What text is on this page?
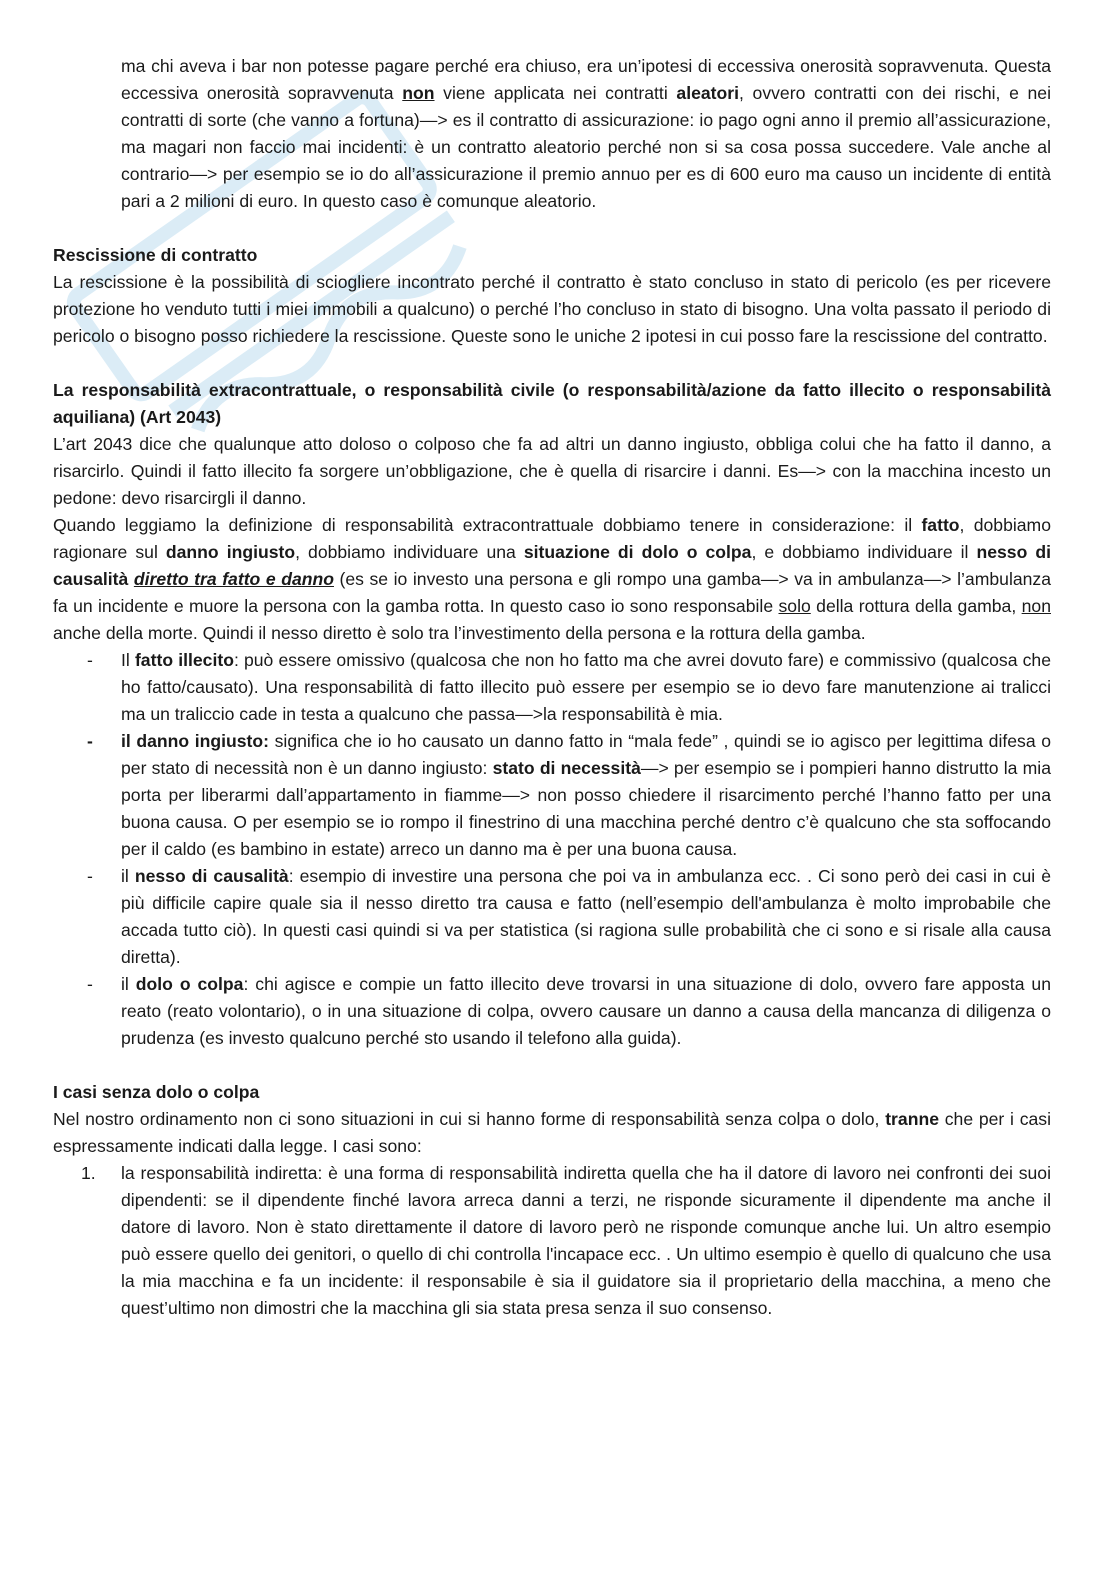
ma chi aveva i bar non potesse pagare perché era chiuso, era un’ipotesi di eccessiva onerosità sopravvenuta. Questa eccessiva onerosità sopravvenuta non viene applicata nei contratti aleatori, ovvero contratti con dei rischi, e nei contratti di sorte (che vanno a fortuna)—> es il contratto di assicurazione: io pago ogni anno il premio all’assicurazione, ma magari non faccio mai incidenti: è un contratto aleatorio perché non si sa cosa possa succedere. Vale anche al contrario—> per esempio se io do all’assicurazione il premio annuo per es di 600 euro ma causo un incidente di entità pari a 2 milioni di euro. In questo caso è comunque aleatorio.

Rescissione di contratto

La rescissione è la possibilità di sciogliere incontrato perché il contratto è stato concluso in stato di pericolo (es per ricevere protezione ho venduto tutti i miei immobili a qualcuno) o perché l’ho concluso in stato di bisogno. Una volta passato il periodo di pericolo o bisogno posso richiedere la rescissione. Queste sono le uniche 2 ipotesi in cui posso fare la rescissione del contratto.

La responsabilità extracontrattuale, o responsabilità civile (o responsabilità/azione da fatto illecito o responsabilità aquiliana) (Art 2043)

L’art 2043 dice che qualunque atto doloso o colposo che fa ad altri un danno ingiusto, obbliga colui che ha fatto il danno, a risarcirlo. Quindi il fatto illecito fa sorgere un’obbligazione, che è quella di risarcire i danni. Es—> con la macchina incesto un pedone: devo risarcirgli il danno.

Quando leggiamo la definizione di responsabilità extracontrattuale dobbiamo tenere in considerazione: il fatto, dobbiamo ragionare sul danno ingiusto, dobbiamo individuare una situazione di dolo o colpa, e dobbiamo individuare il nesso di causalità diretto tra fatto e danno (es se io investo una persona e gli rompo una gamba—> va in ambulanza—> l’ambulanza fa un incidente e muore la persona con la gamba rotta. In questo caso io sono responsabile solo della rottura della gamba, non anche della morte. Quindi il nesso diretto è solo tra l’investimento della persona e la rottura della gamba.

-	Il fatto illecito: può essere omissivo (qualcosa che non ho fatto ma che avrei dovuto fare) e commissivo (qualcosa che ho fatto/causato). Una responsabilità di fatto illecito può essere per esempio se io devo fare manutenzione ai tralicci ma un traliccio cade in testa a qualcuno che passa—>la responsabilità è mia.
-	il danno ingiusto: significa che io ho causato un danno fatto in “mala fede” , quindi se io agisco per legittima difesa o per stato di necessità non è un danno ingiusto: stato di necessità—> per esempio se i pompieri hanno distrutto la mia porta per liberarmi dall’appartamento in fiamme—> non posso chiedere il risarcimento perché l’hanno fatto per una buona causa. O per esempio se io rompo il finestrino di una macchina perché dentro c’è qualcuno che sta soffocando per il caldo (es bambino in estate) arreco un danno ma è per una buona causa.
-	il nesso di causalità: esempio di investire una persona che poi va in ambulanza ecc. . Ci sono però dei casi in cui è più difficile capire quale sia il nesso diretto tra causa e fatto (nell’esempio dell'ambulanza è molto improbabile che accada tutto ciò). In questi casi quindi si va per statistica (si ragiona sulle probabilità che ci sono e si risale alla causa diretta).
-	il dolo o colpa: chi agisce e compie un fatto illecito deve trovarsi in una situazione di dolo, ovvero fare apposta un reato (reato volontario), o in una situazione di colpa, ovvero causare un danno a causa della mancanza di diligenza o prudenza (es investo qualcuno perché sto usando il telefono alla guida).
I casi senza dolo o colpa

Nel nostro ordinamento non ci sono situazioni in cui si hanno forme di responsabilità senza colpa o dolo, tranne che per i casi espressamente indicati dalla legge. I casi sono:

1.	la responsabilità indiretta: è una forma di responsabilità indiretta quella che ha il datore di lavoro nei confronti dei suoi dipendenti: se il dipendente finché lavora arreca danni a terzi, ne risponde sicuramente il dipendente ma anche il datore di lavoro. Non è stato direttamente il datore di lavoro però ne risponde comunque anche lui. Un altro esempio può essere quello dei genitori, o quello di chi controlla l'incapace ecc. . Un ultimo esempio è quello di qualcuno che usa la mia macchina e fa un incidente: il responsabile è sia il guidatore sia il proprietario della macchina, a meno che quest’ultimo non dimostri che la macchina gli sia stata presa senza il suo consenso.
